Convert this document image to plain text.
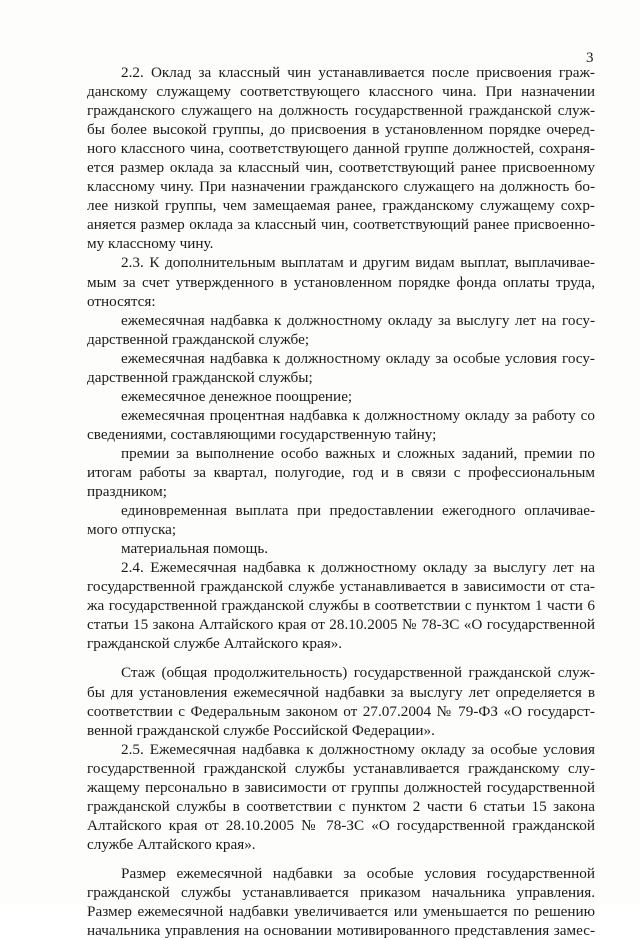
3
2.2. Оклад за классный чин устанавливается после присвоения граж-
данскому служащему соответствующего классного чина. При назначении
гражданского служащего на должность государственной гражданской служ-
бы более высокой группы, до присвоения в установленном порядке очеред-
ного классного чина, соответствующего данной группе должностей, сохраня-
ется размер оклада за классный чин, соответствующий ранее присвоенному
классному чину. При назначении гражданского служащего на должность бо-
лее низкой группы, чем замещаемая ранее, гражданскому служащему сохр-
аняется размер оклада за классный чин, соответствующий ранее присвоенно-
му классному чину.
2.3. К дополнительным выплатам и другим видам выплат, выплачивае-
мым за счет утвержденного в установленном порядке фонда оплаты труда,
относятся:
ежемесячная надбавка к должностному окладу за выслугу лет на госу-
дарственной гражданской службе;
ежемесячная надбавка к должностному окладу за особые условия госу-
дарственной гражданской службы;
ежемесячное денежное поощрение;
ежемесячная процентная надбавка к должностному окладу за работу со
сведениями, составляющими государственную тайну;
премии за выполнение особо важных и сложных заданий, премии по
итогам работы за квартал, полугодие, год и в связи с профессиональным
праздником;
единовременная выплата при предоставлении ежегодного оплачивае-
мого отпуска;
материальная помощь.
2.4. Ежемесячная надбавка к должностному окладу за выслугу лет на
государственной гражданской службе устанавливается в зависимости от ста-
жа государственной гражданской службы в соответствии с пунктом 1 части 6
статьи 15 закона Алтайского края от 28.10.2005 № 78-ЗС «О государственной
гражданской службе Алтайского края».
Стаж (общая продолжительность) государственной гражданской служ-
бы для установления ежемесячной надбавки за выслугу лет определяется в
соответствии с Федеральным законом от 27.07.2004 № 79-ФЗ «О государст-
венной гражданской службе Российской Федерации».
2.5. Ежемесячная надбавка к должностному окладу за особые условия
государственной гражданской службы устанавливается гражданскому слу-
жащему персонально в зависимости от группы должностей государственной
гражданской службы в соответствии с пунктом 2 части 6 статьи 15 закона
Алтайского края от 28.10.2005 № 78-ЗС «О государственной гражданской
службе Алтайского края».
Размер ежемесячной надбавки за особые условия государственной
гражданской службы устанавливается приказом начальника управления.
Размер ежемесячной надбавки увеличивается или уменьшается по решению
начальника управления на основании мотивированного представления замес-
